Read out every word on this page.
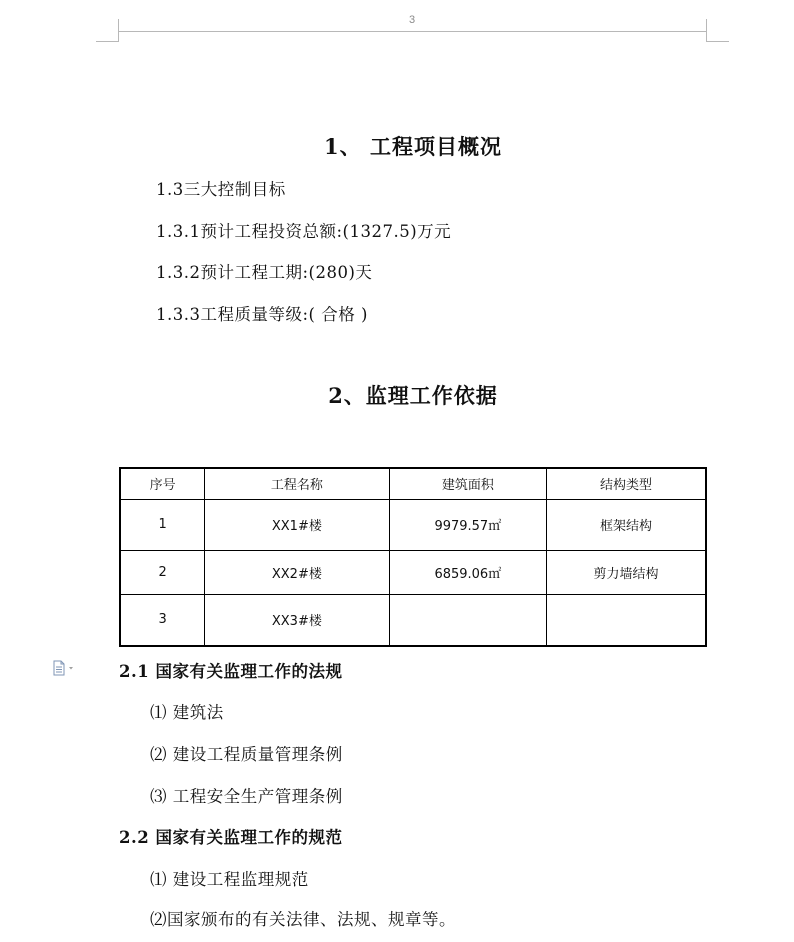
3
1、 工程项目概况
1.3三大控制目标
1.3.1预计工程投资总额:(1327.5)万元
1.3.2预计工程工期:(280)天
1.3.3工程质量等级:( 合格 )
2、监理工作依据
序号	工程名称	建筑面积	结构类型
1	XX1#楼	9979.57㎡	框架结构
2	XX2#楼	6859.06㎡	剪力墙结构
3	XX3#楼		
2.1 国家有关监理工作的法规
⑴ 建筑法
⑵ 建设工程质量管理条例
⑶ 工程安全生产管理条例
2.2 国家有关监理工作的规范
⑴ 建设工程监理规范
⑵国家颁布的有关法律、法规、规章等。
